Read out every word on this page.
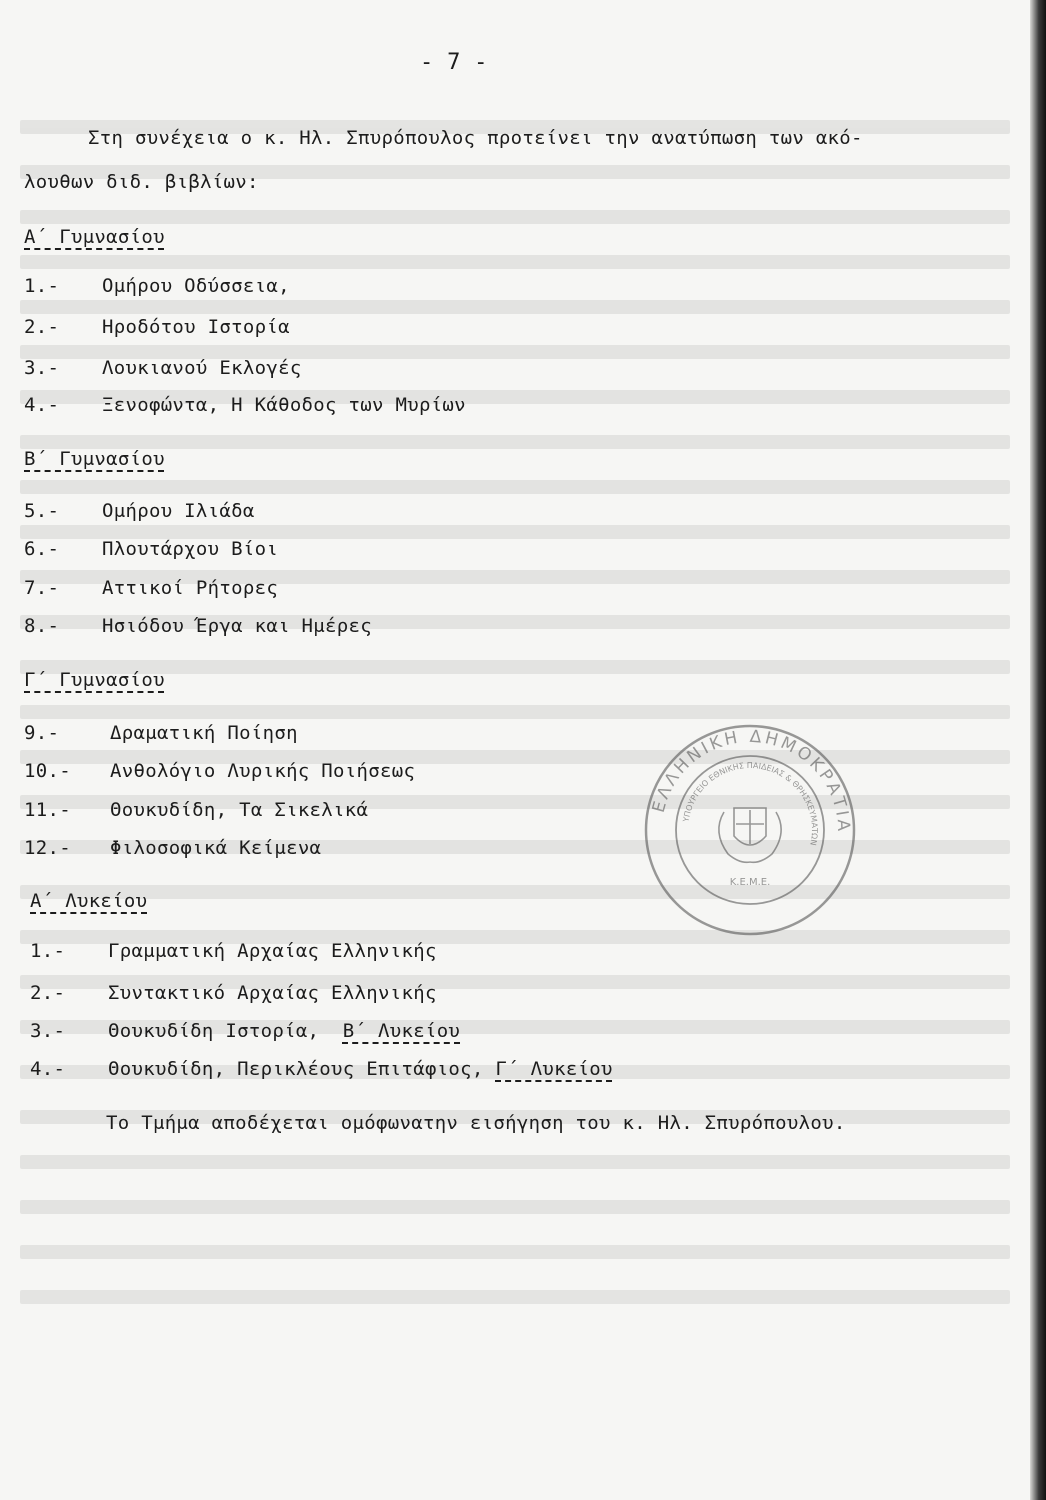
- 7 -
Στη συνέχεια ο κ. Ηλ. Σπυρόπουλος προτείνει την ανατύπωση των ακό-
λουθων διδ. βιβλίων:
Α΄ Γυμνασίου
1.- Ομήρου Οδύσσεια,
2.- Ηροδότου Ιστορία
3.- Λουκιανού Εκλογές
4.- Ξενοφώντα, Η Κάθοδος των Μυρίων
Β΄ Γυμνασίου
5.- Ομήρου Ιλιάδα
6.- Πλουτάρχου Βίοι
7.- Αττικοί Ρήτορες
8.- Ησιόδου Έργα και Ημέρες
Γ΄ Γυμνασίου
9.-	Δραματική Ποίηση
10.- Ανθολόγιο Λυρικής Ποιήσεως
11.- Θουκυδίδη, Τα Σικελικά
12.- Φιλοσοφικά Κείμενα
Α΄ Λυκείου
1.- Γραμματική Αρχαίας Ελληνικής
2.- Συντακτικό Αρχαίας Ελληνικής
3.- Θουκυδίδη Ιστορία,  Β΄ Λυκείου
4.- Θουκυδίδη, Περικλέους Επιτάφιος, Γ΄ Λυκείου
Το Τμήμα αποδέχεται ομόφωνατην εισήγηση του κ. Ηλ. Σπυρόπουλου.
ΕΛΛΗΝΙΚΗ ΔΗΜΟΚΡΑΤΙΑ
ΥΠΟΥΡΓΕΙΟ ΕΘΝΙΚΗΣ ΠΑΙΔΕΙΑΣ & ΘΡΗΣΚΕΥΜΑΤΩΝ
Κ.Ε.Μ.Ε.
